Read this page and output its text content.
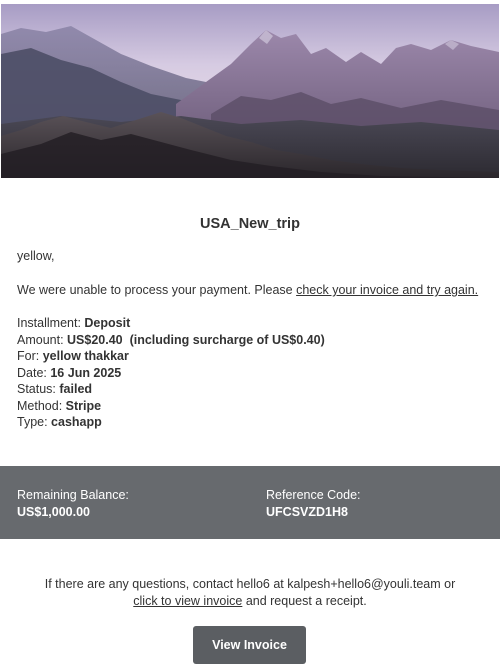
USA_New_trip
yellow,
We were unable to process your payment. Please check your invoice and try again.
Installment: Deposit
Amount: US$20.40  (including surcharge of US$0.40)
For: yellow thakkar
Date: 16 Jun 2025
Status: failed
Method: Stripe
Type: cashapp
Remaining Balance:
US$1,000.00
Reference Code:
UFCSVZD1H8
If there are any questions, contact hello6 at kalpesh+hello6@youli.team or
click to view invoice and request a receipt.
View Invoice
